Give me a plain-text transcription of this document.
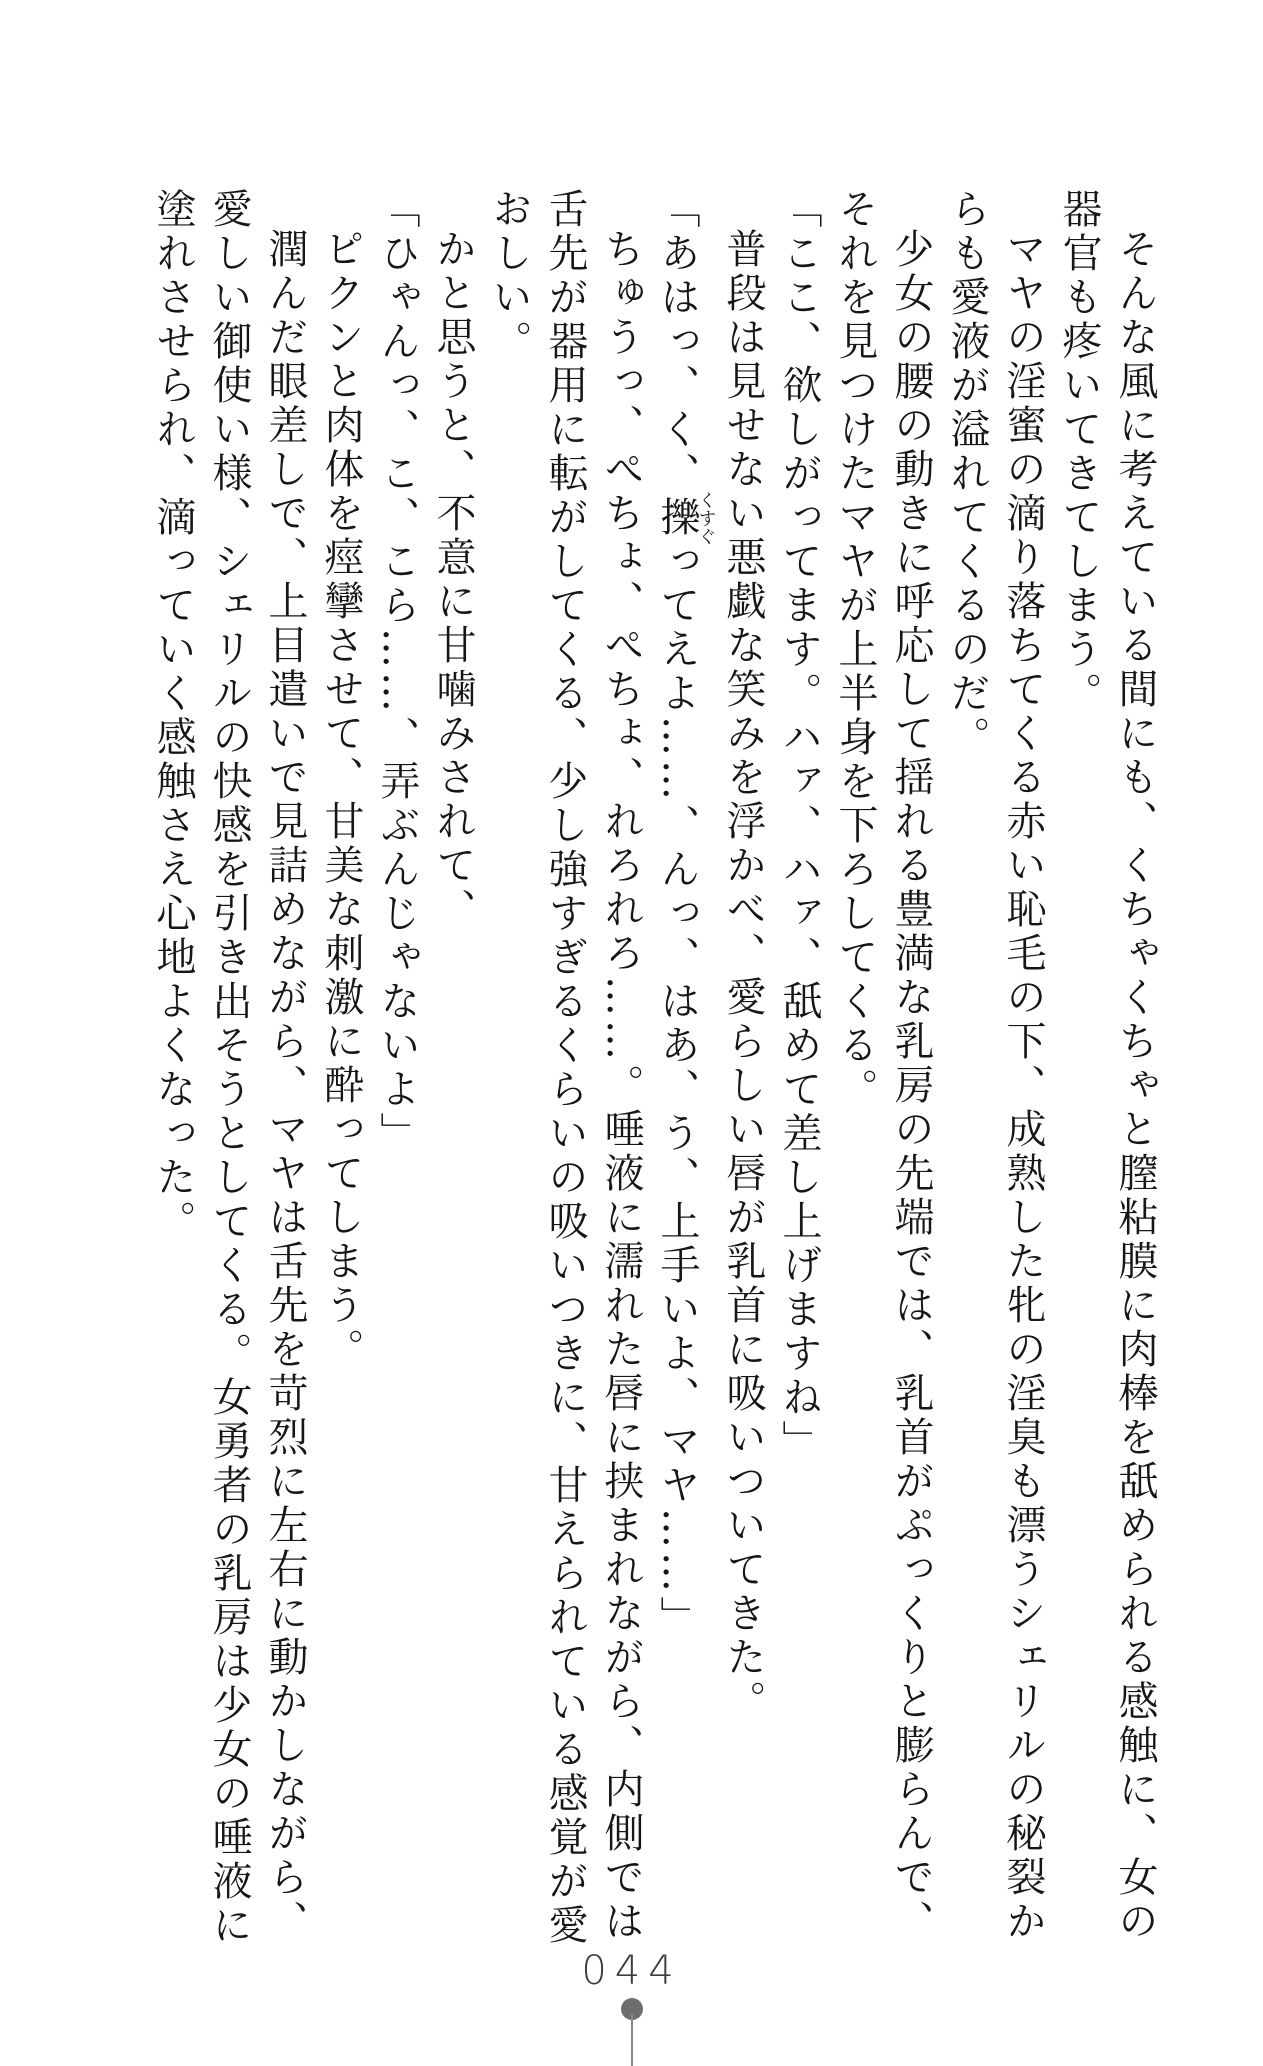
そんな風に考えている間にも、くちゃくちゃと膣粘膜に肉棒を舐められる感触に、女の器官も疼いてきてしまう。

マヤの淫蜜の滴り落ちてくる赤い恥毛の下、成熟した牝の淫臭も漂うシェリルの秘裂からも愛液が溢れてくるのだ。

少女の腰の動きに呼応して揺れる豊満な乳房の先端では、乳首がぷっくりと膨らんで、それを見つけたマヤが上半身を下ろしてくる。

「ここ、欲しがってます。ハァ、ハァ、舐めて差し上げますね」

普段は見せない悪戯な笑みを浮かべ、愛らしい唇が乳首に吸いついてきた。

「あはっ、く、擽くすぐってえよ……、んっ、はあ、う、上手いよ、マヤ……」

ちゅうっ、ぺちょ、ぺちょ、れろれろ……。唾液に濡れた唇に挟まれながら、内側では舌先が器用に転がしてくる、少し強すぎるくらいの吸いつきに、甘えられている感覚が愛おしい。

かと思うと、不意に甘噛みされて、

「ひゃんっ、こ、こら……、弄ぶんじゃないよ」

ピクンと肉体を痙攣させて、甘美な刺激に酔ってしまう。

潤んだ眼差しで、上目遣いで見詰めながら、マヤは舌先を苛烈に左右に動かしながら、愛しい御使い様、シェリルの快感を引き出そうとしてくる。女勇者の乳房は少女の唾液に塗れさせられ、滴っていく感触さえ心地よくなった。

044
